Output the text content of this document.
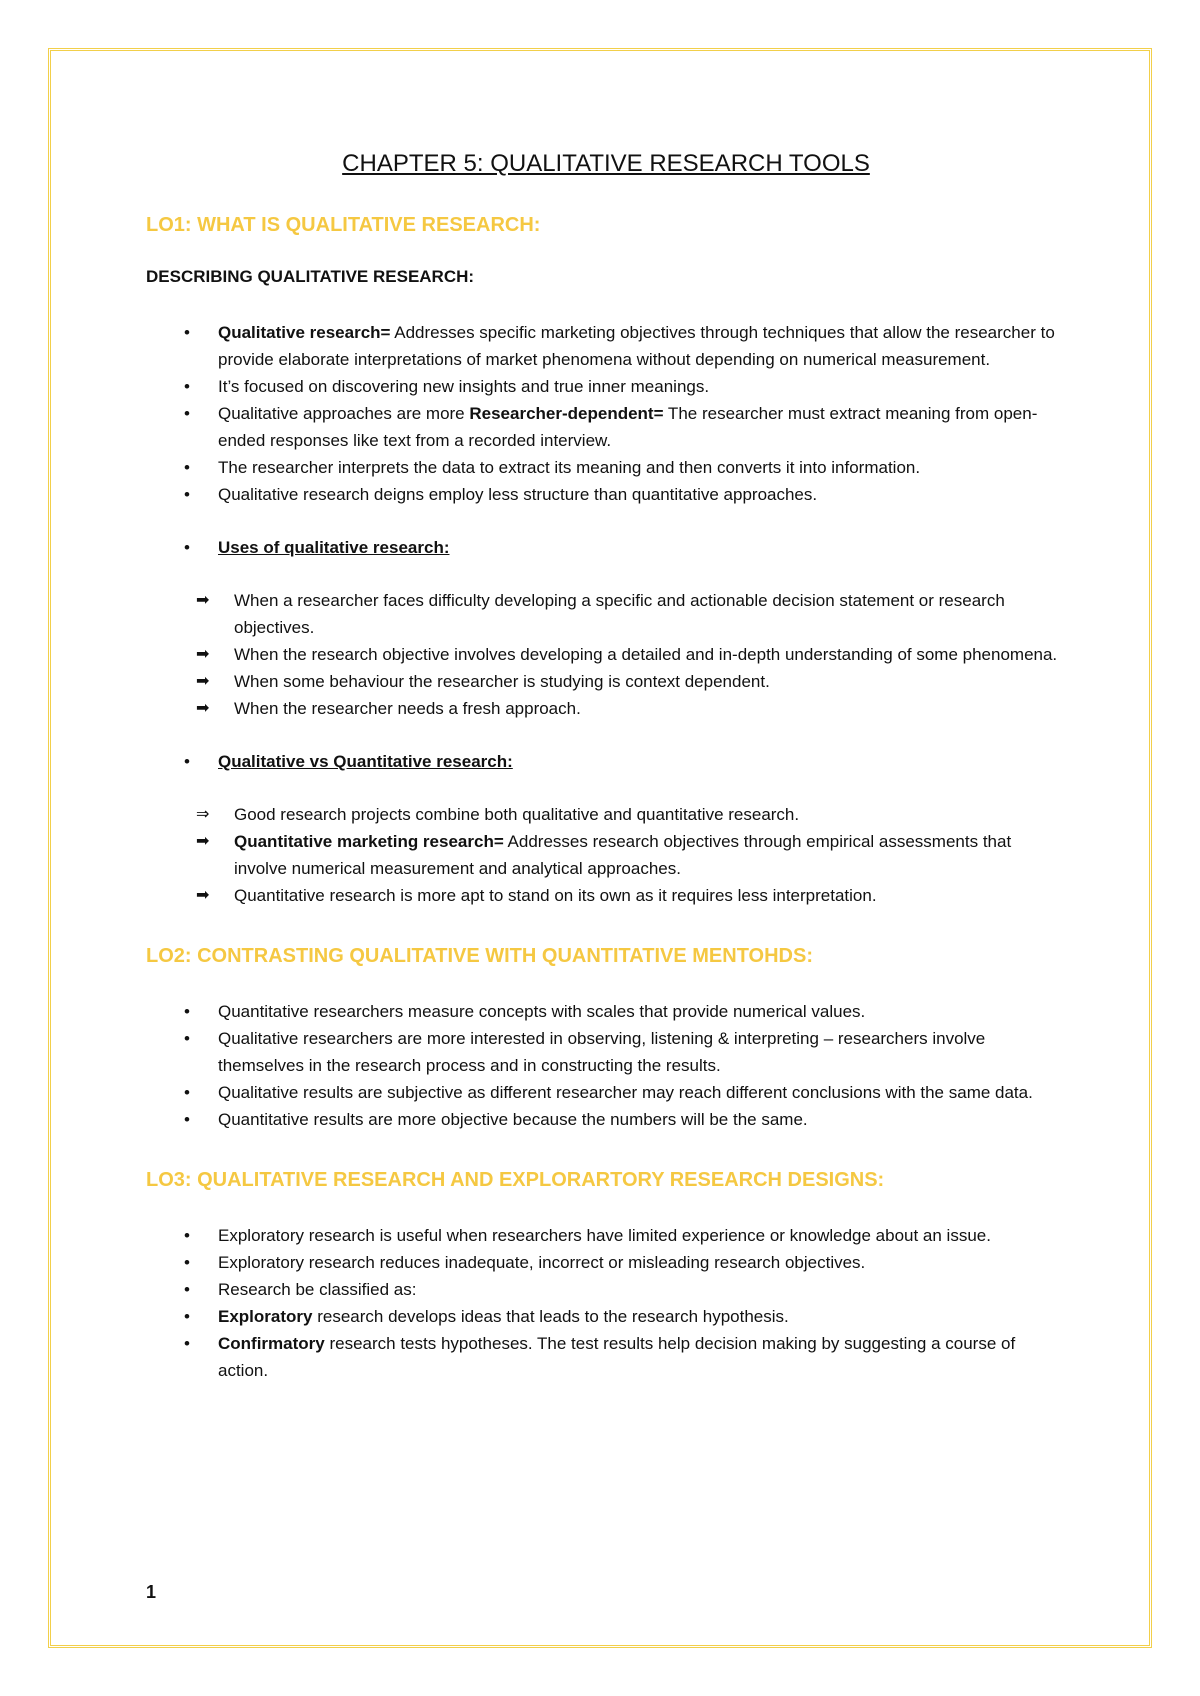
CHAPTER 5: QUALITATIVE RESEARCH TOOLS
LO1: WHAT IS QUALITATIVE RESEARCH:
DESCRIBING QUALITATIVE RESEARCH:
•	Qualitative research= Addresses specific marketing objectives through techniques that allow the researcher to provide elaborate interpretations of market phenomena without depending on numerical measurement.
•	It’s focused on discovering new insights and true inner meanings.
•	Qualitative approaches are more Researcher-dependent= The researcher must extract meaning from open-ended responses like text from a recorded interview.
•	The researcher interprets the data to extract its meaning and then converts it into information.
•	Qualitative research deigns employ less structure than quantitative approaches.
•	Uses of qualitative research:
➡	When a researcher faces difficulty developing a specific and actionable decision statement or research objectives.
➡	When the research objective involves developing a detailed and in-depth understanding of some phenomena.
➡	When some behaviour the researcher is studying is context dependent.
➡	When the researcher needs a fresh approach.
•	Qualitative vs Quantitative research:
⇒	Good research projects combine both qualitative and quantitative research.
➡	Quantitative marketing research= Addresses research objectives through empirical assessments that involve numerical measurement and analytical approaches.
➡	Quantitative research is more apt to stand on its own as it requires less interpretation.
LO2: CONTRASTING QUALITATIVE WITH QUANTITATIVE MENTOHDS:
•	Quantitative researchers measure concepts with scales that provide numerical values.
•	Qualitative researchers are more interested in observing, listening & interpreting – researchers involve themselves in the research process and in constructing the results.
•	Qualitative results are subjective as different researcher may reach different conclusions with the same data.
•	Quantitative results are more objective because the numbers will be the same.
LO3: QUALITATIVE RESEARCH AND EXPLORARTORY RESEARCH DESIGNS:
•	Exploratory research is useful when researchers have limited experience or knowledge about an issue.
•	Exploratory research reduces inadequate, incorrect or misleading research objectives.
•	Research be classified as:
•	Exploratory research develops ideas that leads to the research hypothesis.
•	Confirmatory research tests hypotheses. The test results help decision making by suggesting a course of action.
1
